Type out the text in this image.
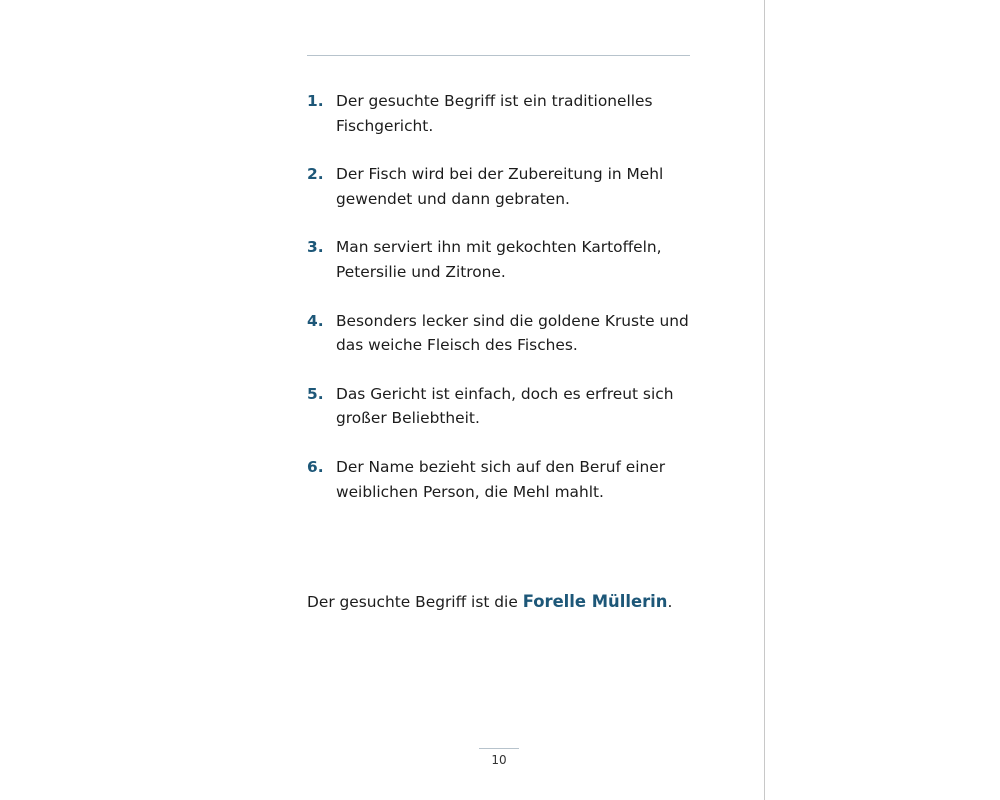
1. Der gesuchte Begriff ist ein traditionelles Fischgericht.
2. Der Fisch wird bei der Zubereitung in Mehl gewendet und dann gebraten.
3. Man serviert ihn mit gekochten Kartoffeln, Petersilie und Zitrone.
4. Besonders lecker sind die goldene Kruste und das weiche Fleisch des Fisches.
5. Das Gericht ist einfach, doch es erfreut sich großer Beliebtheit.
6. Der Name bezieht sich auf den Beruf einer weiblichen Person, die Mehl mahlt.

Der gesuchte Begriff ist die Forelle Müllerin.

10
